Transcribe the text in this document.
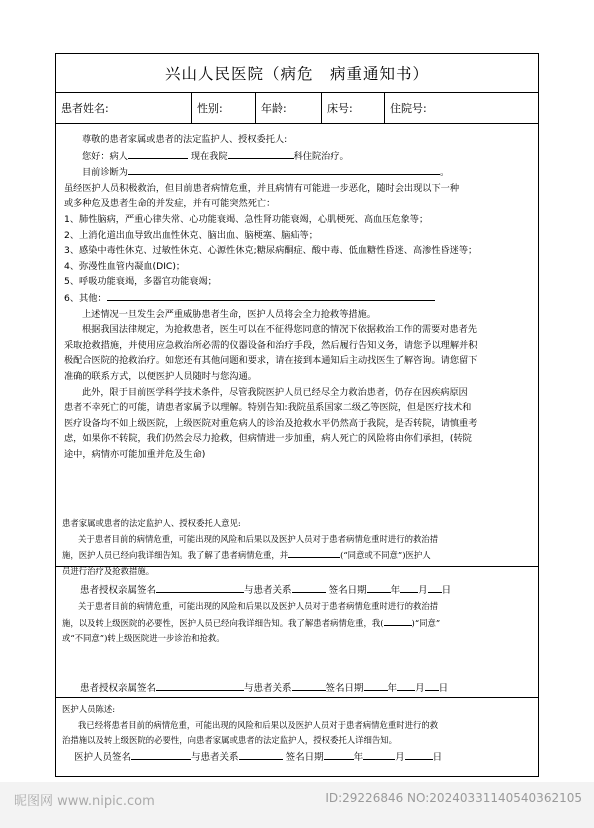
兴山人民医院（病危　病重通知书）
患者姓名:	性别:	年龄:	床号:	住院号:

尊敬的患者家属或患者的法定监护人、授权委托人:

您好：病人	现在我院	科住院治疗。

目前诊断为	。

虽经医护人员积极救治，但目前患者病情危重，并且病情有可能进一步恶化，随时会出现以下一种

或多种危及患者生命的并发症，并有可能突然死亡：

1、肺性脑病，严重心律失常、心功能衰竭、急性肾功能衰竭，心肌梗死、高血压危象等；

2、上消化道出血导致出血性休克、脑出血、脑梗塞、脑疝等；

3、感染中毒性休克、过敏性休克、心源性休克;糖尿病酮症、酸中毒、低血糖性昏迷、高渗性昏迷等；

4、弥漫性血管内凝血(DIC)；

5、呼吸功能衰竭，多器官功能衰竭；

6、其他：

上述情况一旦发生会严重威胁患者生命，医护人员将会全力抢救等措施。

根据我国法律规定，为抢救患者，医生可以在不征得您同意的情况下依据救治工作的需要对患者先

采取抢救措施，并使用应急救治所必需的仪器设备和治疗手段，然后履行告知义务，请您予以理解并积

极配合医院的抢救治疗。如您还有其他问题和要求，请在接到本通知后主动找医生了解咨询。请您留下

准确的联系方式，以便医护人员随时与您沟通。

此外，限于目前医学科学技术条件，尽管我院医护人员已经尽全力救治患者，仍存在因疾病原因

患者不幸死亡的可能，请患者家属予以理解。特别告知:我院虽系国家二级乙等医院，但是医疗技术和

医疗设备均不如上级医院，上级医院对重危病人的诊治及抢救水平仍然高于我院，是否转院，请慎重考

虑，如果你不转院，我们仍然会尽力抢救，但病情进一步加重，病人死亡的风险将由你们承担，(转院

途中，病情亦可能加重并危及生命)

患者家属或患者的法定监护人、授权委托人意见:

关于患者目前的病情危重，可能出现的风险和后果以及医护人员对于患者病情危重时进行的救治措

施，医护人员已经向我详细告知。我了解了患者病情危重，并	(“同意或不同意”)医护人

员进行治疗及抢救措施。

患者授权亲属签名	与患者关系	签名日期	年 月 日

关于患者目前的病情危重，可能出现的风险和后果以及医护人员对于患者病情危重时进行的救治措

施，以及转上级医院的必要性，医护人员已经向我详细告知。我了解患者病情危重，我(	)“同意”

或“不同意”)转上级医院进一步诊治和抢救。

患者授权亲属签名	与患者关系	签名日期	年 月 日

医护人员陈述:

我已经将患者目前的病情危重，可能出现的风险和后果以及医护人员对于患者病情危重时进行的救

治措施以及转上级医院的必要性，向患者家属或患者的法定监护人，授权委托人详细告知。

医护人员签名	与患者关系	签名日期	年	月	日

昵图网 www.nipic.com	ID:29226846 NO:20240331140540362105
